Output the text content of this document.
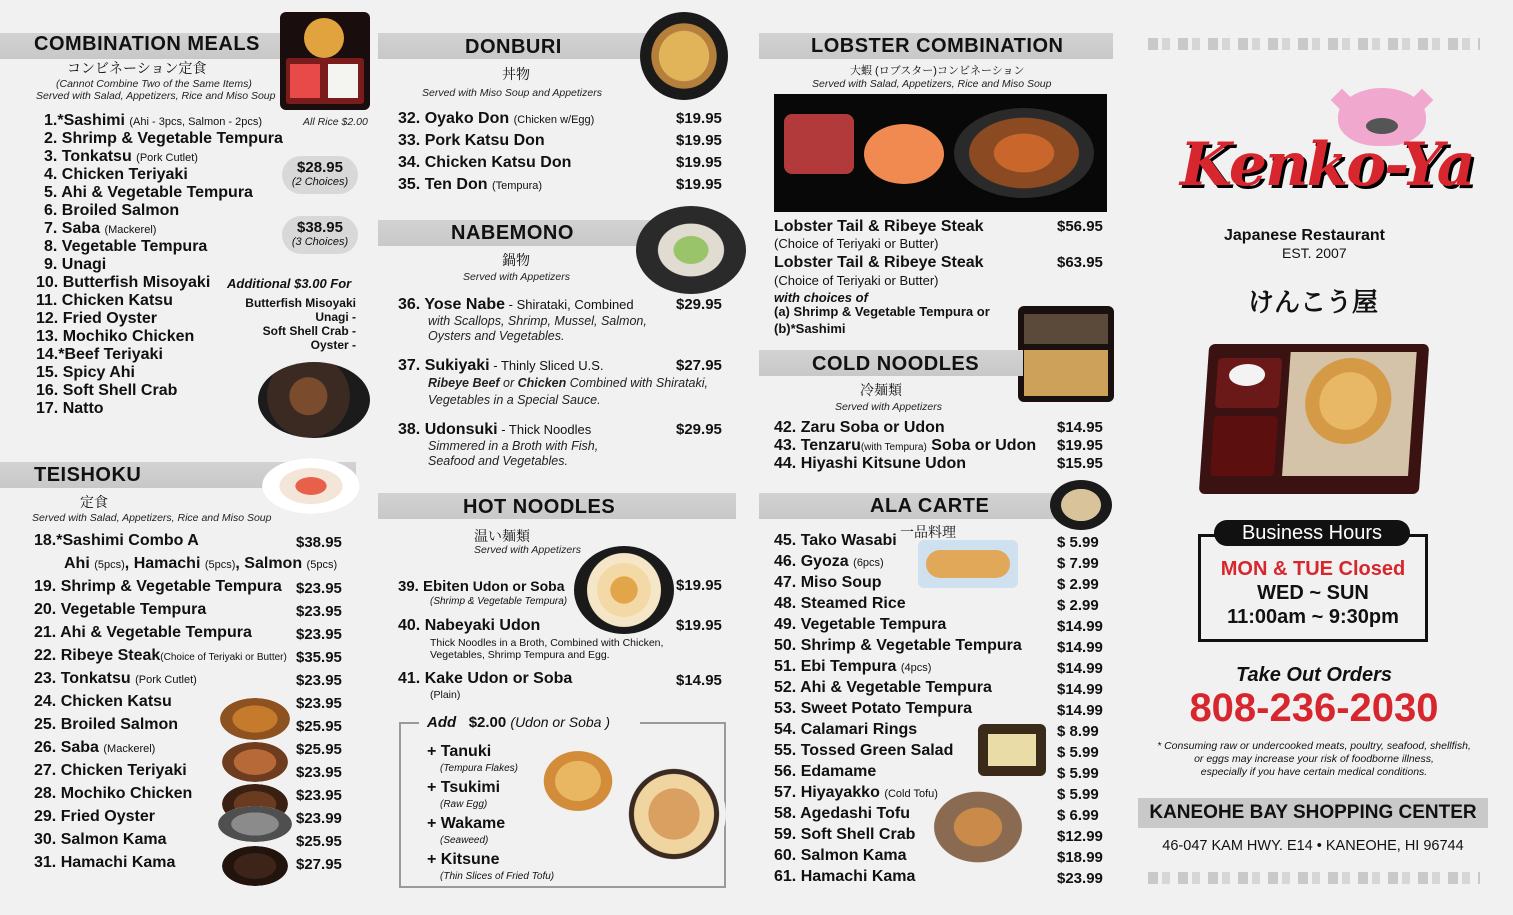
COMBINATION MEALS
コンビネーション定食
(Cannot Combine Two of the Same Items)
Served with Salad, Appetizers, Rice and Miso Soup
All Rice $2.00
1.*Sashimi (Ahi - 3pcs, Salmon - 2pcs)
2. Shrimp & Vegetable Tempura
3. Tonkatsu (Pork Cutlet)
4. Chicken Teriyaki
5. Ahi & Vegetable Tempura
6. Broiled Salmon
7. Saba (Mackerel)
8. Vegetable Tempura
9. Unagi
10. Butterfish Misoyaki
11. Chicken Katsu
12. Fried Oyster
13. Mochiko Chicken
14.*Beef Teriyaki
15. Spicy Ahi
16. Soft Shell Crab
17. Natto
$28.95
(2 Choices)
$38.95
(3 Choices)
Additional $3.00 For
Butterfish Misoyaki
Unagi -
Soft Shell Crab -
Oyster -
TEISHOKU
定食
Served with Salad, Appetizers, Rice and Miso Soup
18.*Sashimi Combo A	$38.95
Ahi (5pcs), Hamachi (5pcs), Salmon (5pcs)
19. Shrimp & Vegetable Tempura $23.95
20. Vegetable Tempura	$23.95
21. Ahi & Vegetable Tempura	$23.95
22. Ribeye Steak(Choice of Teriyaki or Butter) $35.95
23. Tonkatsu (Pork Cutlet)	$23.95
24. Chicken Katsu	$23.95
25. Broiled Salmon	$25.95
26. Saba (Mackerel)	$25.95
27. Chicken Teriyaki	$23.95
28. Mochiko Chicken	$23.95
29. Fried Oyster	$23.99
30. Salmon Kama	$25.95
31. Hamachi Kama	$27.95
DONBURI
丼物
Served with Miso Soup and Appetizers
32. Oyako Don (Chicken w/Egg)	$19.95
33. Pork Katsu Don	$19.95
34. Chicken Katsu Don	$19.95
35. Ten Don (Tempura)	$19.95
NABEMONO
鍋物
Served with Appetizers
36. Yose Nabe - Shirataki, Combined	$29.95
with Scallops, Shrimp, Mussel, Salmon,
Oysters and Vegetables.
37. Sukiyaki - Thinly Sliced U.S.	$27.95
Ribeye Beef or Chicken Combined with Shirataki,
Vegetables in a Special Sauce.
38. Udonsuki - Thick Noodles	$29.95
Simmered in a Broth with Fish,
Seafood and Vegetables.
HOT NOODLES
温い麺類
Served with Appetizers
39. Ebiten Udon or Soba	$19.95
(Shrimp & Vegetable Tempura)
40. Nabeyaki Udon	$19.95
Thick Noodles in a Broth, Combined with Chicken,
Vegetables, Shrimp Tempura and Egg.
41. Kake Udon or Soba	$14.95
(Plain)
Add $2.00 (Udon or Soba )
+ Tanuki
(Tempura Flakes)
+ Tsukimi
(Raw Egg)
+ Wakame
(Seaweed)
+ Kitsune
(Thin Slices of Fried Tofu)
LOBSTER COMBINATION
大蝦 (ロブスター)コンビネーション
Served with Salad, Appetizers, Rice and Miso Soup
Lobster Tail & Ribeye Steak	$56.95
(Choice of Teriyaki or Butter)
Lobster Tail & Ribeye Steak	$63.95
(Choice of Teriyaki or Butter)
with choices of
(a) Shrimp & Vegetable Tempura or
(b)*Sashimi
COLD NOODLES
冷麺類
Served with Appetizers
42. Zaru Soba or Udon	$14.95
43. Tenzaru(with Tempura) Soba or Udon $19.95
44. Hiyashi Kitsune Udon	$15.95
ALA CARTE
一品料理
45. Tako Wasabi	$ 5.99
46. Gyoza (6pcs)	$ 7.99
47. Miso Soup	$ 2.99
48. Steamed Rice	$ 2.99
49. Vegetable Tempura	$14.99
50. Shrimp & Vegetable Tempura $14.99
51. Ebi Tempura (4pcs)	$14.99
52. Ahi & Vegetable Tempura	$14.99
53. Sweet Potato Tempura	$14.99
54. Calamari Rings	$ 8.99
55. Tossed Green Salad	$ 5.99
56. Edamame	$ 5.99
57. Hiyayakko (Cold Tofu)	$ 5.99
58. Agedashi Tofu	$ 6.99
59. Soft Shell Crab	$12.99
60. Salmon Kama	$18.99
61. Hamachi Kama	$23.99
Kenko-Ya
Japanese Restaurant
EST. 2007
けんこう屋
Business Hours
MON & TUE Closed
WED ~ SUN
11:00am ~ 9:30pm
Take Out Orders
808-236-2030
* Consuming raw or undercooked meats, poultry, seafood, shellfish,
or eggs may increase your risk of foodborne illness,
especially if you have certain medical conditions.
KANEOHE BAY SHOPPING CENTER
46-047 KAM HWY. E14 • KANEOHE, HI 96744
